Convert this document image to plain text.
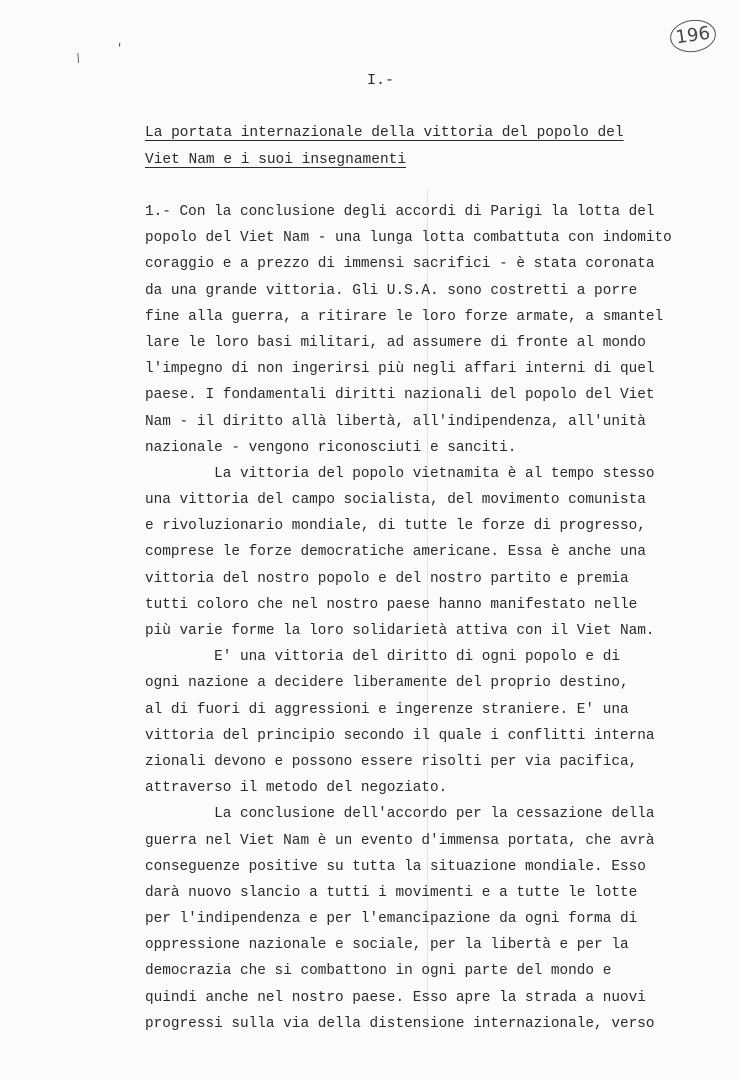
196
\
'
I.-
La portata internazionale della vittoria del popolo del
Viet Nam e i suoi insegnamenti
1.- Con la conclusione degli accordi di Parigi la lotta del
popolo del Viet Nam - una lunga lotta combattuta con indomito
coraggio e a prezzo di immensi sacrifici - è stata coronata
da una grande vittoria. Gli U.S.A. sono costretti a porre
fine alla guerra, a ritirare le loro forze armate, a smantel
lare le loro basi militari, ad assumere di fronte al mondo
l'impegno di non ingerirsi più negli affari interni di quel
paese. I fondamentali diritti nazionali del popolo del Viet
Nam - il diritto allà libertà, all'indipendenza, all'unità
nazionale - vengono riconosciuti e sanciti.
La vittoria del popolo vietnamita è al tempo stesso
una vittoria del campo socialista, del movimento comunista
e rivoluzionario mondiale, di tutte le forze di progresso,
comprese le forze democratiche americane. Essa è anche una
vittoria del nostro popolo e del nostro partito e premia
tutti coloro che nel nostro paese hanno manifestato nelle
più varie forme la loro solidarietà attiva con il Viet Nam.
E' una vittoria del diritto di ogni popolo e di
ogni nazione a decidere liberamente del proprio destino,
al di fuori di aggressioni e ingerenze straniere. E' una
vittoria del principio secondo il quale i conflitti interna
zionali devono e possono essere risolti per via pacifica,
attraverso il metodo del negoziato.
La conclusione dell'accordo per la cessazione della
guerra nel Viet Nam è un evento d'immensa portata, che avrà
conseguenze positive su tutta la situazione mondiale. Esso
darà nuovo slancio a tutti i movimenti e a tutte le lotte
per l'indipendenza e per l'emancipazione da ogni forma di
oppressione nazionale e sociale, per la libertà e per la
democrazia che si combattono in ogni parte del mondo e
quindi anche nel nostro paese. Esso apre la strada a nuovi
progressi sulla via della distensione internazionale, verso
